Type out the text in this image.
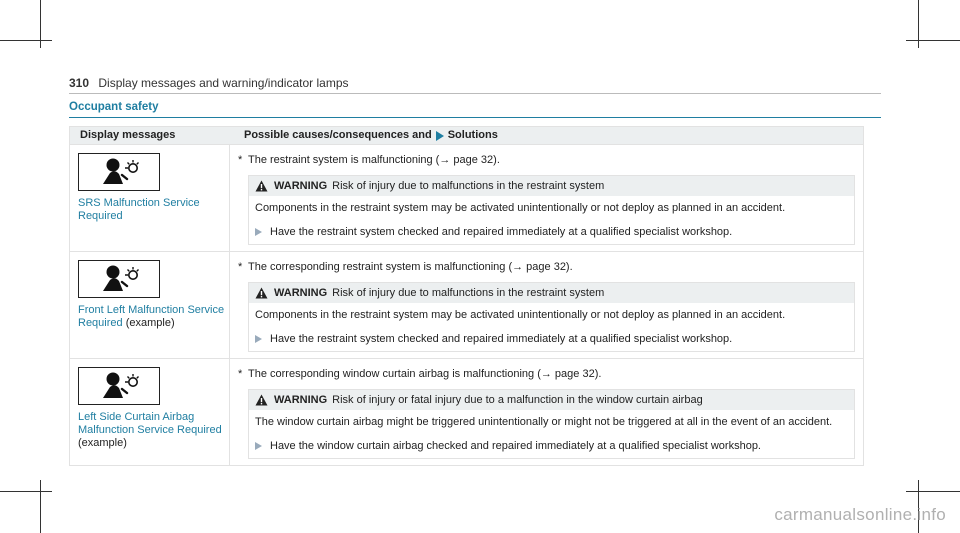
310 Display messages and warning/indicator lamps
Occupant safety
Display messages	Possible causes/consequences and Solutions
SRS Malfunction Service Required
* The restraint system is malfunctioning (→ page 32).
WARNING Risk of injury due to malfunctions in the restraint system
Components in the restraint system may be activated unintentionally or not deploy as planned in an accident.
Have the restraint system checked and repaired immediately at a qualified specialist workshop.
Front Left Malfunction Service Required (example)
* The corresponding restraint system is malfunctioning (→ page 32).
WARNING Risk of injury due to malfunctions in the restraint system
Components in the restraint system may be activated unintentionally or not deploy as planned in an accident.
Have the restraint system checked and repaired immediately at a qualified specialist workshop.
Left Side Curtain Airbag Malfunction Service Required (example)
* The corresponding window curtain airbag is malfunctioning (→ page 32).
WARNING Risk of injury or fatal injury due to a malfunction in the window curtain airbag
The window curtain airbag might be triggered unintentionally or might not be triggered at all in the event of an accident.
Have the window curtain airbag checked and repaired immediately at a qualified specialist workshop.
carmanualsonline.info
